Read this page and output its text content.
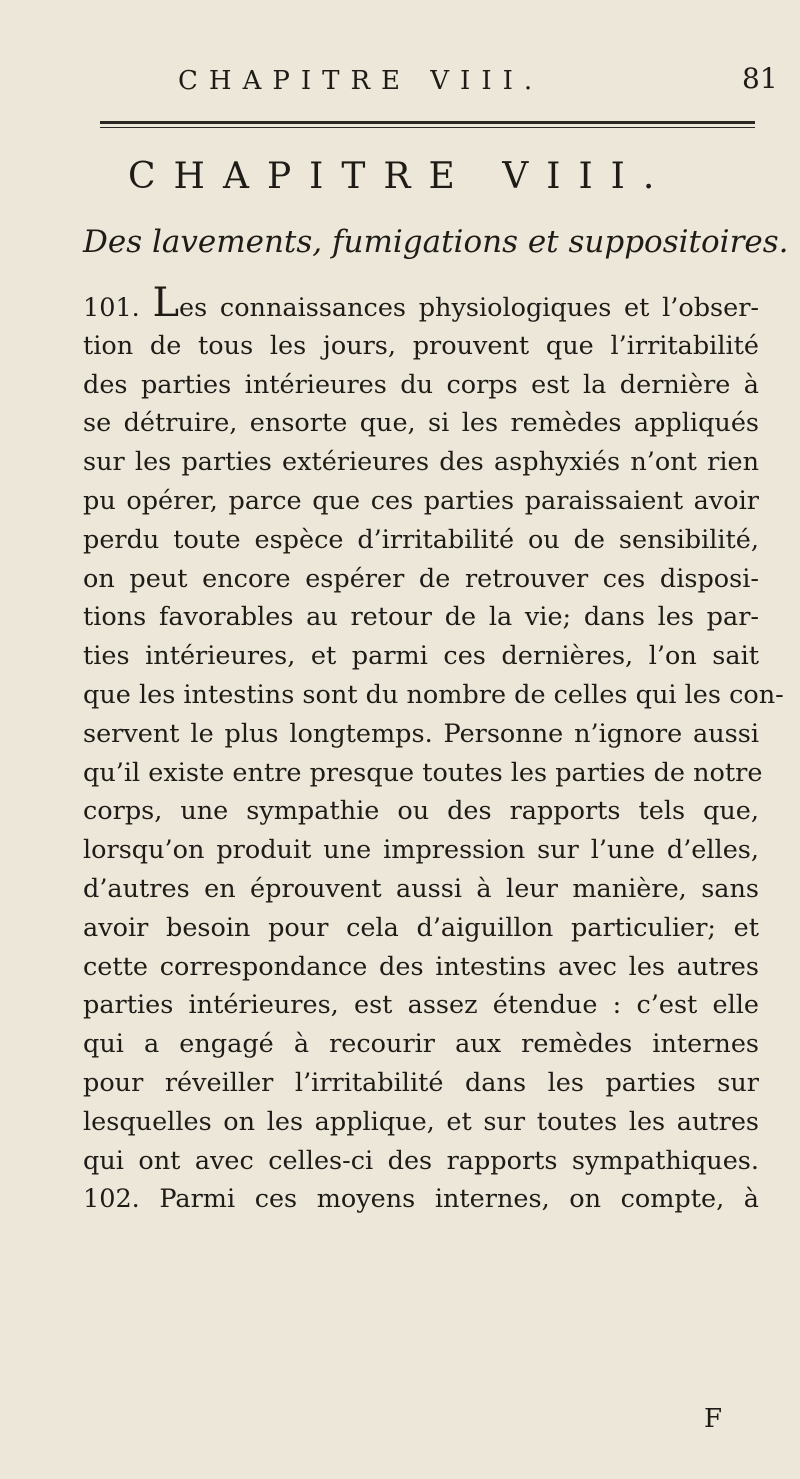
CHAPITRE VIII.	81
CHAPITRE VIII.
Des lavements, fumigations et suppositoires.
101. Les connaissances physiologiques et l’obser-
tion de tous les jours, prouvent que l’irritabilité
des parties intérieures du corps est la dernière à
se détruire, ensorte que, si les remèdes appliqués
sur les parties extérieures des asphyxiés n’ont rien
pu opérer, parce que ces parties paraissaient avoir
perdu toute espèce d’irritabilité ou de sensibilité,
on peut encore espérer de retrouver ces disposi-
tions favorables au retour de la vie; dans les par-
ties intérieures, et parmi ces dernières, l’on sait
que les intestins sont du nombre de celles qui les con-
servent le plus longtemps. Personne n’ignore aussi
qu’il existe entre presque toutes les parties de notre
corps, une sympathie ou des rapports tels que,
lorsqu’on produit une impression sur l’une d’elles,
d’autres en éprouvent aussi à leur manière, sans
avoir besoin pour cela d’aiguillon particulier; et
cette correspondance des intestins avec les autres
parties intérieures, est assez étendue : c’est elle
qui a engagé à recourir aux remèdes internes
pour réveiller l’irritabilité dans les parties sur
lesquelles on les applique, et sur toutes les autres
qui ont avec celles-ci des rapports sympathiques.
102. Parmi ces moyens internes, on compte, à
F
